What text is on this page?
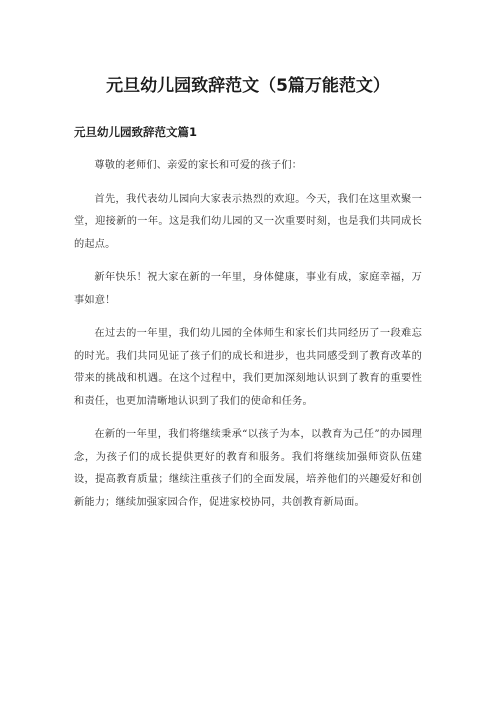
元旦幼儿园致辞范文（5篇万能范文）
元旦幼儿园致辞范文篇1

尊敬的老师们、亲爱的家长和可爱的孩子们：

首先，我代表幼儿园向大家表示热烈的欢迎。今天，我们在这里欢聚一堂，迎接新的一年。这是我们幼儿园的又一次重要时刻，也是我们共同成长的起点。

新年快乐！祝大家在新的一年里，身体健康，事业有成，家庭幸福，万事如意！

在过去的一年里，我们幼儿园的全体师生和家长们共同经历了一段难忘的时光。我们共同见证了孩子们的成长和进步，也共同感受到了教育改革的带来的挑战和机遇。在这个过程中，我们更加深刻地认识到了教育的重要性和责任，也更加清晰地认识到了我们的使命和任务。

在新的一年里，我们将继续秉承“以孩子为本，以教育为己任”的办园理念，为孩子们的成长提供更好的教育和服务。我们将继续加强师资队伍建设，提高教育质量；继续注重孩子们的全面发展，培养他们的兴趣爱好和创新能力；继续加强家园合作，促进家校协同，共创教育新局面。
